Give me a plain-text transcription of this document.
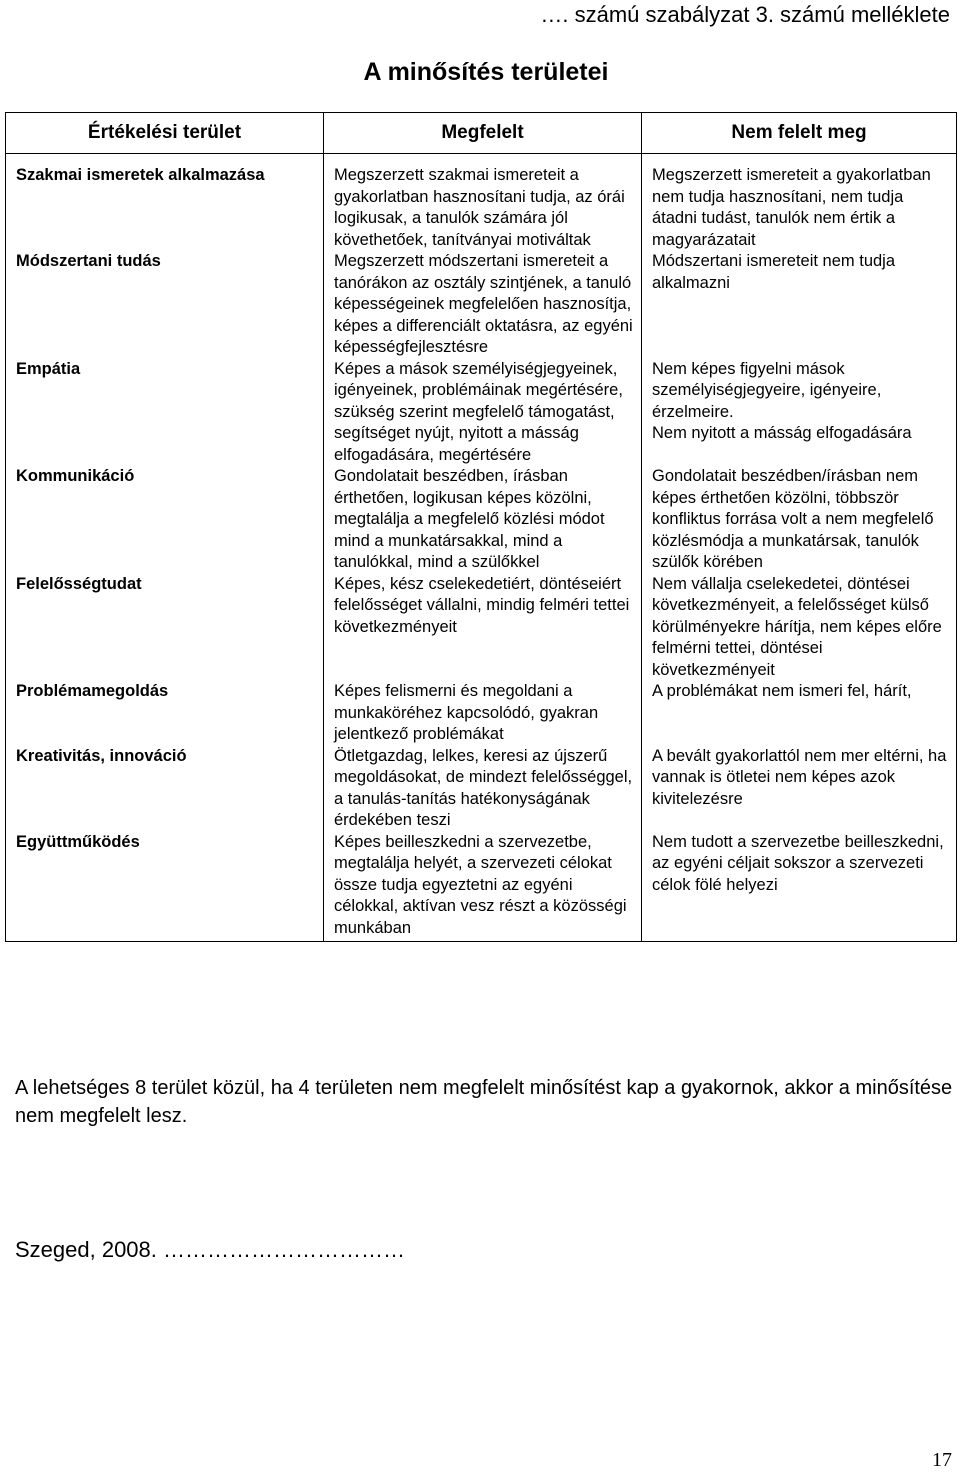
…. számú szabályzat 3. számú melléklete
A minősítés területei
Értékelési terület	Megfelelt	Nem felelt meg
Szakmai ismeretek alkalmazása	Megszerzett szakmai ismereteit a gyakorlatban hasznosítani tudja, az órái logikusak, a tanulók számára jól követhetőek, tanítványai motiváltak	Megszerzett ismereteit a gyakorlatban nem tudja hasznosítani, nem tudja átadni tudást, tanulók nem értik a magyarázatait
Módszertani tudás	Megszerzett módszertani ismereteit a tanórákon az osztály szintjének, a tanuló képességeinek megfelelően hasznosítja, képes a differenciált oktatásra, az egyéni képességfejlesztésre	Módszertani ismereteit nem tudja alkalmazni
Empátia	Képes a mások személyiségjegyeinek, igényeinek, problémáinak megértésére, szükség szerint megfelelő támogatást, segítséget nyújt, nyitott a másság elfogadására, megértésére	Nem képes figyelni mások személyiségjegyeire, igényeire, érzelmeire.
Nem nyitott a másság elfogadására
Kommunikáció	Gondolatait beszédben, írásban érthetően, logikusan képes közölni, megtalálja a megfelelő közlési módot mind a munkatársakkal, mind a tanulókkal, mind a szülőkkel	Gondolatait beszédben/írásban nem képes érthetően közölni, többször konfliktus forrása volt a nem megfelelő közlésmódja a munkatársak, tanulók szülők körében
Felelősségtudat	Képes, kész cselekedetiért, döntéseiért felelősséget vállalni, mindig felméri tettei következményeit	Nem vállalja cselekedetei, döntései következményeit, a felelősséget külső körülményekre hárítja, nem képes előre felmérni tettei, döntései következményeit
Problémamegoldás	Képes felismerni és megoldani a munkaköréhez kapcsolódó, gyakran jelentkező problémákat	A problémákat nem ismeri fel, hárít,
Kreativitás, innováció	Ötletgazdag, lelkes, keresi az újszerű megoldásokat, de mindezt felelősséggel, a tanulás-tanítás hatékonyságának érdekében teszi	A bevált gyakorlattól nem mer eltérni, ha vannak is ötletei nem képes azok kivitelezésre
Együttműködés	Képes beilleszkedni a szervezetbe, megtalálja helyét, a szervezeti célokat össze tudja egyeztetni az egyéni célokkal, aktívan vesz részt a közösségi munkában	Nem tudott a szervezetbe beilleszkedni, az egyéni céljait sokszor a szervezeti célok fölé helyezi
A lehetséges 8 terület közül, ha 4 területen nem megfelelt minősítést kap a gyakornok, akkor a minősítése nem megfelelt lesz.
Szeged, 2008. ……………………………
17
